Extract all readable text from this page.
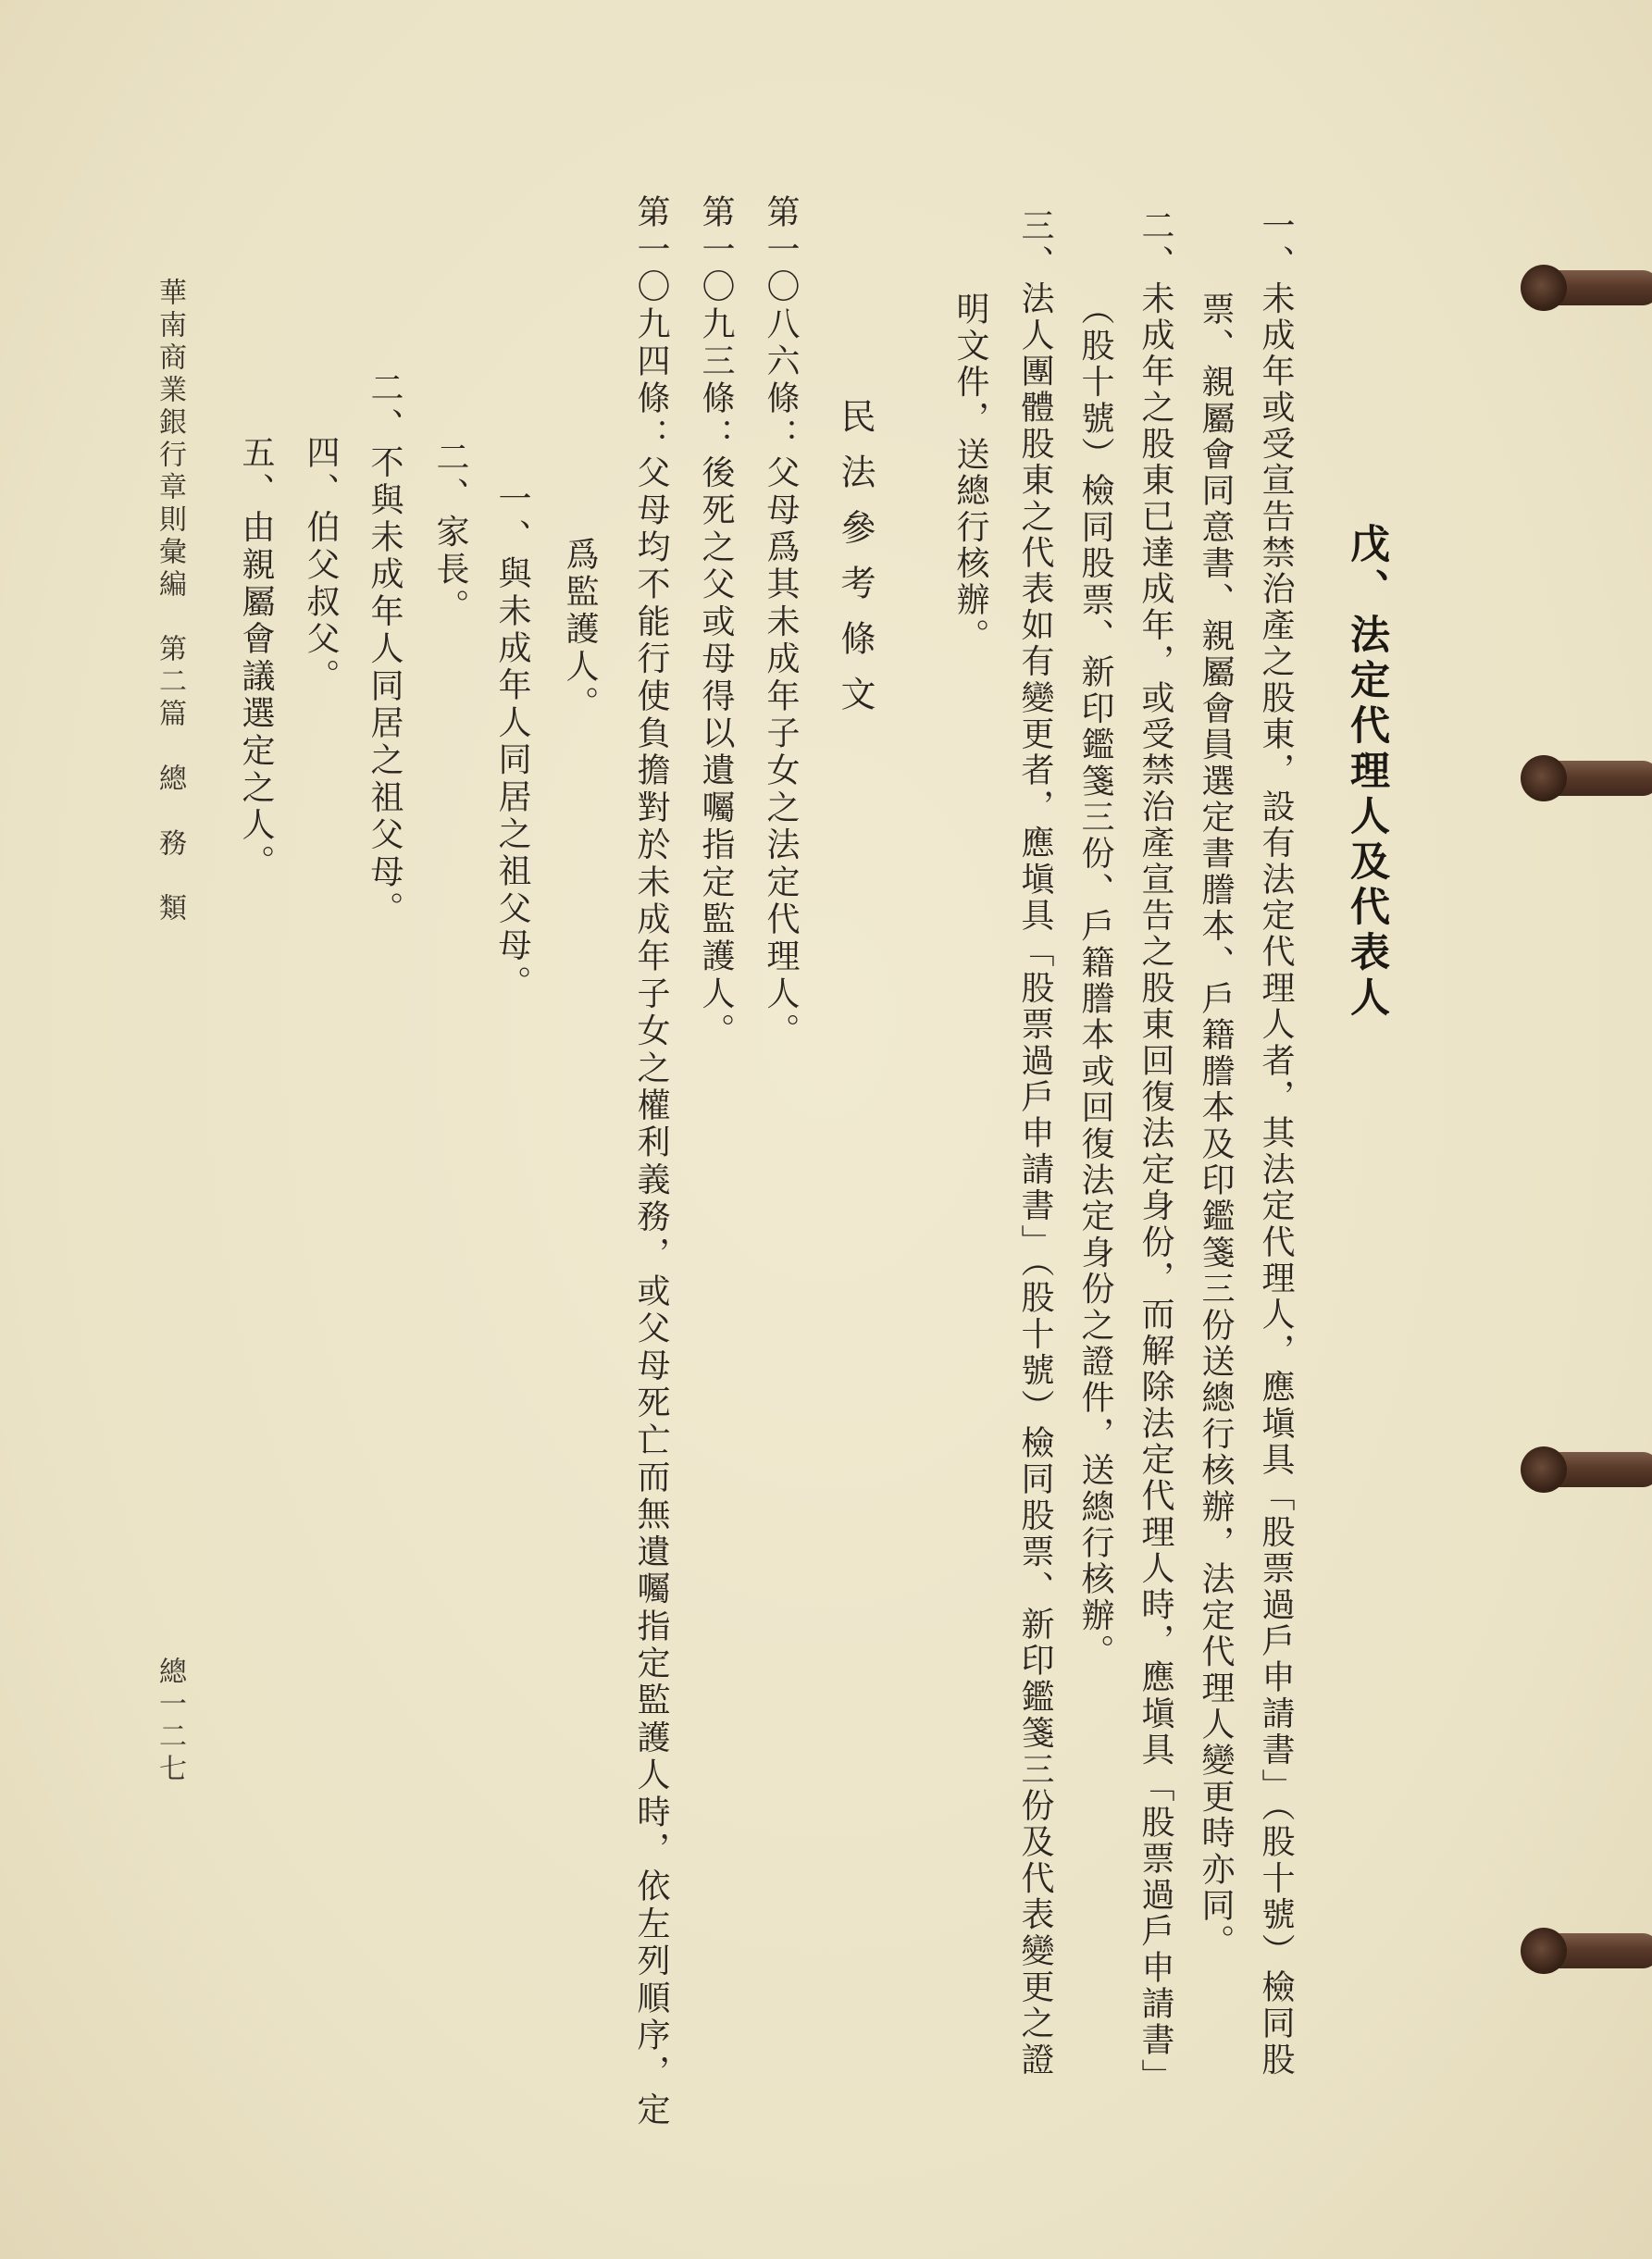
戊、法定代理人及代表人
一、未成年或受宣告禁治產之股東，設有法定代理人者，其法定代理人，應塡具「股票過戶申請書」（股十號）檢同股
票、親屬會同意書、親屬會員選定書謄本、戶籍謄本及印鑑箋三份送總行核辦，法定代理人變更時亦同。
二、未成年之股東已達成年，或受禁治產宣告之股東回復法定身份，而解除法定代理人時，應塡具「股票過戶申請書」
（股十號）檢同股票、新印鑑箋三份、戶籍謄本或回復法定身份之證件，送總行核辦。
三、法人團體股東之代表如有變更者，應塡具「股票過戶申請書」（股十號）檢同股票、新印鑑箋三份及代表變更之證
明文件，送總行核辦。
民法參考條文
第一〇八六條：父母爲其未成年子女之法定代理人。
第一〇九三條：後死之父或母得以遺囑指定監護人。
第一〇九四條：父母均不能行使負擔對於未成年子女之權利義務，或父母死亡而無遺囑指定監護人時，依左列順序，定
爲監護人。
一、與未成年人同居之祖父母。
二、家長。
二、不與未成年人同居之祖父母。
四、伯父叔父。
五、由親屬會議選定之人。
華南商業銀行章則彙編　第二篇　總　務　類
總一二七
